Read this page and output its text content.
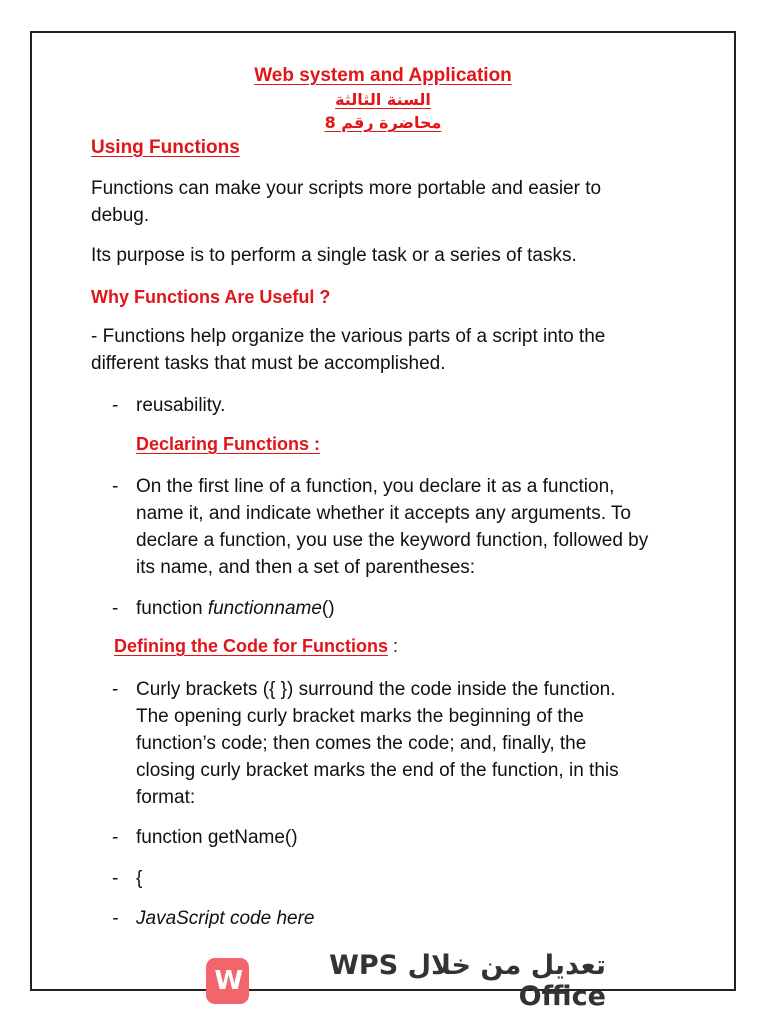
Web system and Application
السنة الثالثة
محاضرة رقم 8
Using Functions
Functions can make your scripts more portable and easier to
debug.
Its purpose is to perform a single task or a series of tasks.
Why Functions Are Useful ?
- Functions help organize the various parts of a script into the
different tasks that must be accomplished.
- reusability.
Declaring Functions :
- On the first line of a function, you declare it as a function,
name it, and indicate whether it accepts any arguments. To
declare a function, you use the keyword function, followed by
its name, and then a set of parentheses:
- function functionname()
Defining the Code for Functions :
- Curly brackets ({ }) surround the code inside the function.
The opening curly bracket marks the beginning of the
function’s code; then comes the code; and, finally, the
closing curly bracket marks the end of the function, in this
format:
- function getName()
- {
- JavaScript code here
W	تعديل من خلال WPS Office
